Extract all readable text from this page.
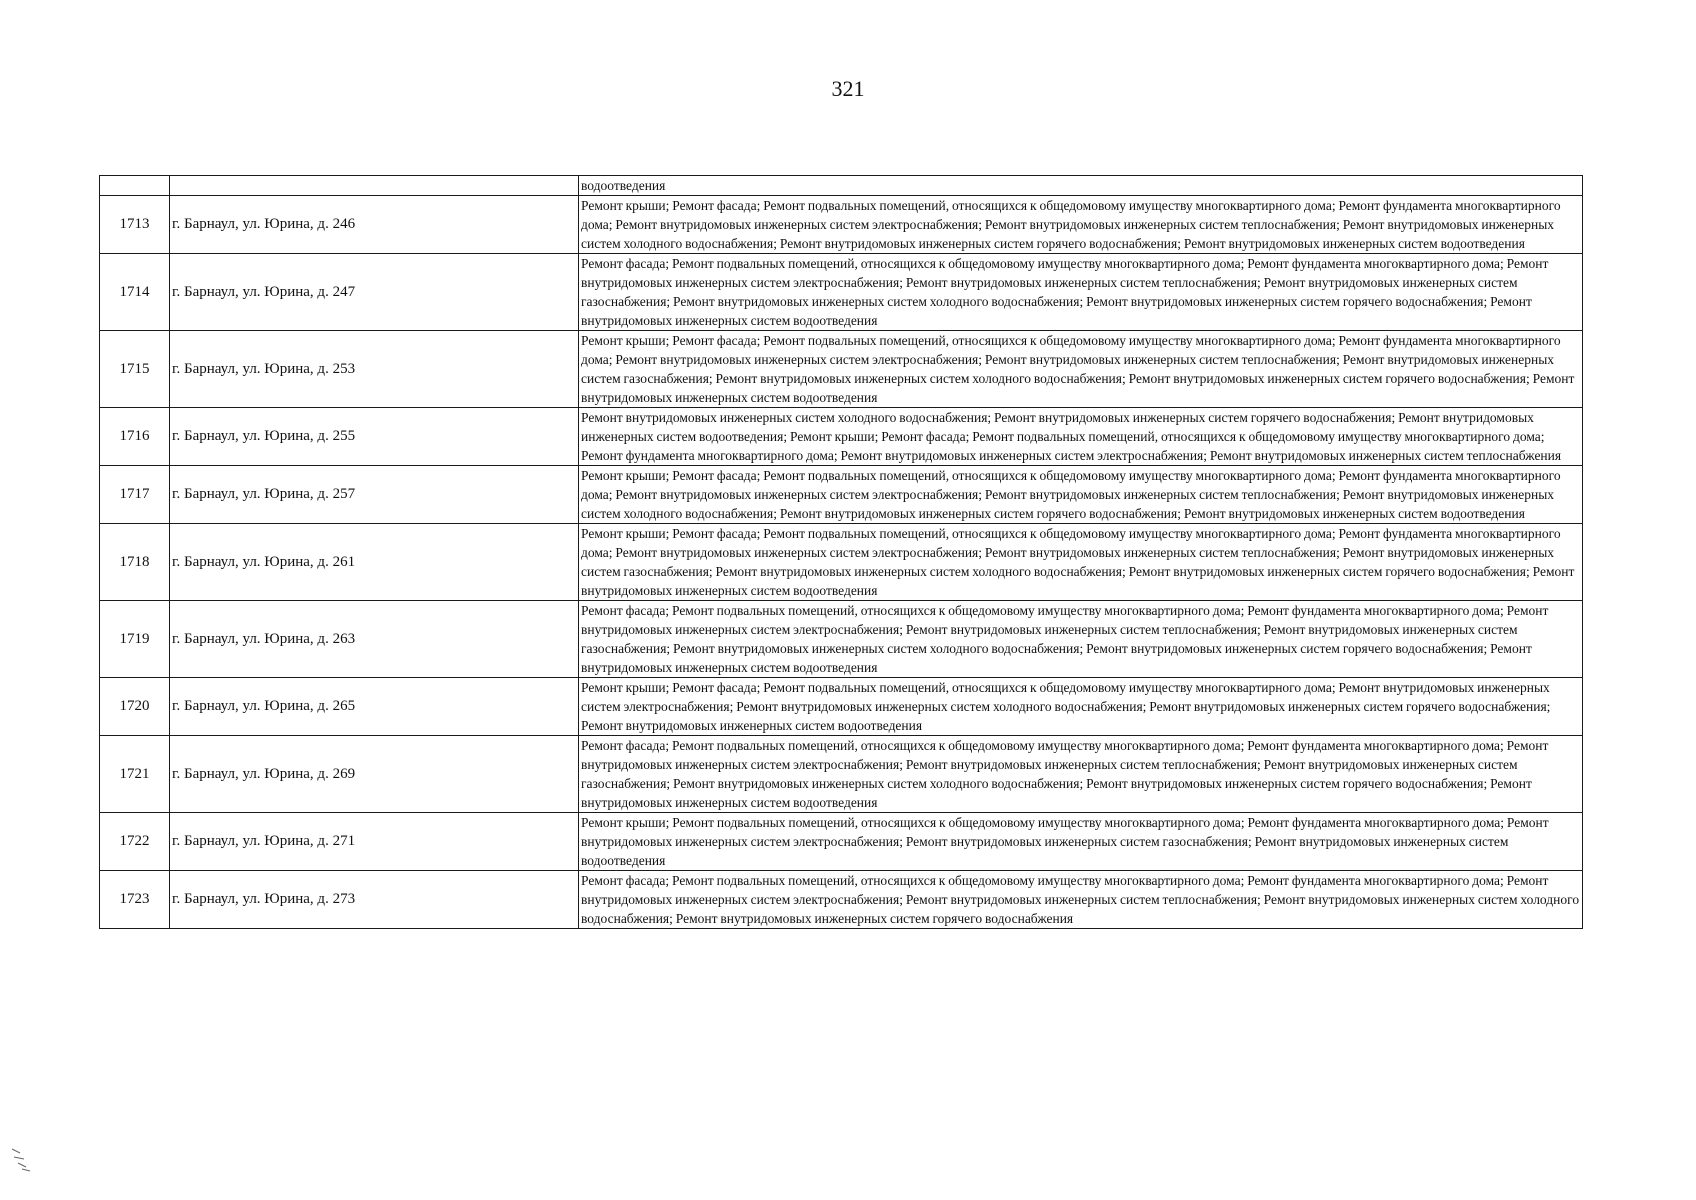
321
		водоотведения
1713	г. Барнаул, ул. Юрина, д. 246	Ремонт крыши; Ремонт фасада; Ремонт подвальных помещений, относящихся к общедомовому имуществу многоквартирного дома; Ремонт фундамента многоквартирного дома; Ремонт внутридомовых инженерных систем электроснабжения; Ремонт внутридомовых инженерных систем теплоснабжения; Ремонт внутридомовых инженерных систем холодного водоснабжения; Ремонт внутридомовых инженерных систем горячего водоснабжения; Ремонт внутридомовых инженерных систем водоотведения
1714	г. Барнаул, ул. Юрина, д. 247	Ремонт фасада; Ремонт подвальных помещений, относящихся к общедомовому имуществу многоквартирного дома; Ремонт фундамента многоквартирного дома; Ремонт внутридомовых инженерных систем электроснабжения; Ремонт внутридомовых инженерных систем теплоснабжения; Ремонт внутридомовых инженерных систем газоснабжения; Ремонт внутридомовых инженерных систем холодного водоснабжения; Ремонт внутридомовых инженерных систем горячего водоснабжения; Ремонт внутридомовых инженерных систем водоотведения
1715	г. Барнаул, ул. Юрина, д. 253	Ремонт крыши; Ремонт фасада; Ремонт подвальных помещений, относящихся к общедомовому имуществу многоквартирного дома; Ремонт фундамента многоквартирного дома; Ремонт внутридомовых инженерных систем электроснабжения; Ремонт внутридомовых инженерных систем теплоснабжения; Ремонт внутридомовых инженерных систем газоснабжения; Ремонт внутридомовых инженерных систем холодного водоснабжения; Ремонт внутридомовых инженерных систем горячего водоснабжения; Ремонт внутридомовых инженерных систем водоотведения
1716	г. Барнаул, ул. Юрина, д. 255	Ремонт внутридомовых инженерных систем холодного водоснабжения; Ремонт внутридомовых инженерных систем горячего водоснабжения; Ремонт внутридомовых инженерных систем водоотведения; Ремонт крыши; Ремонт фасада; Ремонт подвальных помещений, относящихся к общедомовому имуществу многоквартирного дома; Ремонт фундамента многоквартирного дома; Ремонт внутридомовых инженерных систем электроснабжения; Ремонт внутридомовых инженерных систем теплоснабжения
1717	г. Барнаул, ул. Юрина, д. 257	Ремонт крыши; Ремонт фасада; Ремонт подвальных помещений, относящихся к общедомовому имуществу многоквартирного дома; Ремонт фундамента многоквартирного дома; Ремонт внутридомовых инженерных систем электроснабжения; Ремонт внутридомовых инженерных систем теплоснабжения; Ремонт внутридомовых инженерных систем холодного водоснабжения; Ремонт внутридомовых инженерных систем горячего водоснабжения; Ремонт внутридомовых инженерных систем водоотведения
1718	г. Барнаул, ул. Юрина, д. 261	Ремонт крыши; Ремонт фасада; Ремонт подвальных помещений, относящихся к общедомовому имуществу многоквартирного дома; Ремонт фундамента многоквартирного дома; Ремонт внутридомовых инженерных систем электроснабжения; Ремонт внутридомовых инженерных систем теплоснабжения; Ремонт внутридомовых инженерных систем газоснабжения; Ремонт внутридомовых инженерных систем холодного водоснабжения; Ремонт внутридомовых инженерных систем горячего водоснабжения; Ремонт внутридомовых инженерных систем водоотведения
1719	г. Барнаул, ул. Юрина, д. 263	Ремонт фасада; Ремонт подвальных помещений, относящихся к общедомовому имуществу многоквартирного дома; Ремонт фундамента многоквартирного дома; Ремонт внутридомовых инженерных систем электроснабжения; Ремонт внутридомовых инженерных систем теплоснабжения; Ремонт внутридомовых инженерных систем газоснабжения; Ремонт внутридомовых инженерных систем холодного водоснабжения; Ремонт внутридомовых инженерных систем горячего водоснабжения; Ремонт внутридомовых инженерных систем водоотведения
1720	г. Барнаул, ул. Юрина, д. 265	Ремонт крыши; Ремонт фасада; Ремонт подвальных помещений, относящихся к общедомовому имуществу многоквартирного дома; Ремонт внутридомовых инженерных систем электроснабжения; Ремонт внутридомовых инженерных систем холодного водоснабжения; Ремонт внутридомовых инженерных систем горячего водоснабжения; Ремонт внутридомовых инженерных систем водоотведения
1721	г. Барнаул, ул. Юрина, д. 269	Ремонт фасада; Ремонт подвальных помещений, относящихся к общедомовому имуществу многоквартирного дома; Ремонт фундамента многоквартирного дома; Ремонт внутридомовых инженерных систем электроснабжения; Ремонт внутридомовых инженерных систем теплоснабжения; Ремонт внутридомовых инженерных систем газоснабжения; Ремонт внутридомовых инженерных систем холодного водоснабжения; Ремонт внутридомовых инженерных систем горячего водоснабжения; Ремонт внутридомовых инженерных систем водоотведения
1722	г. Барнаул, ул. Юрина, д. 271	Ремонт крыши; Ремонт подвальных помещений, относящихся к общедомовому имуществу многоквартирного дома; Ремонт фундамента многоквартирного дома; Ремонт внутридомовых инженерных систем электроснабжения; Ремонт внутридомовых инженерных систем газоснабжения; Ремонт внутридомовых инженерных систем водоотведения
1723	г. Барнаул, ул. Юрина, д. 273	Ремонт фасада; Ремонт подвальных помещений, относящихся к общедомовому имуществу многоквартирного дома; Ремонт фундамента многоквартирного дома; Ремонт внутридомовых инженерных систем электроснабжения; Ремонт внутридомовых инженерных систем теплоснабжения; Ремонт внутридомовых инженерных систем холодного водоснабжения; Ремонт внутридомовых инженерных систем горячего водоснабжения
